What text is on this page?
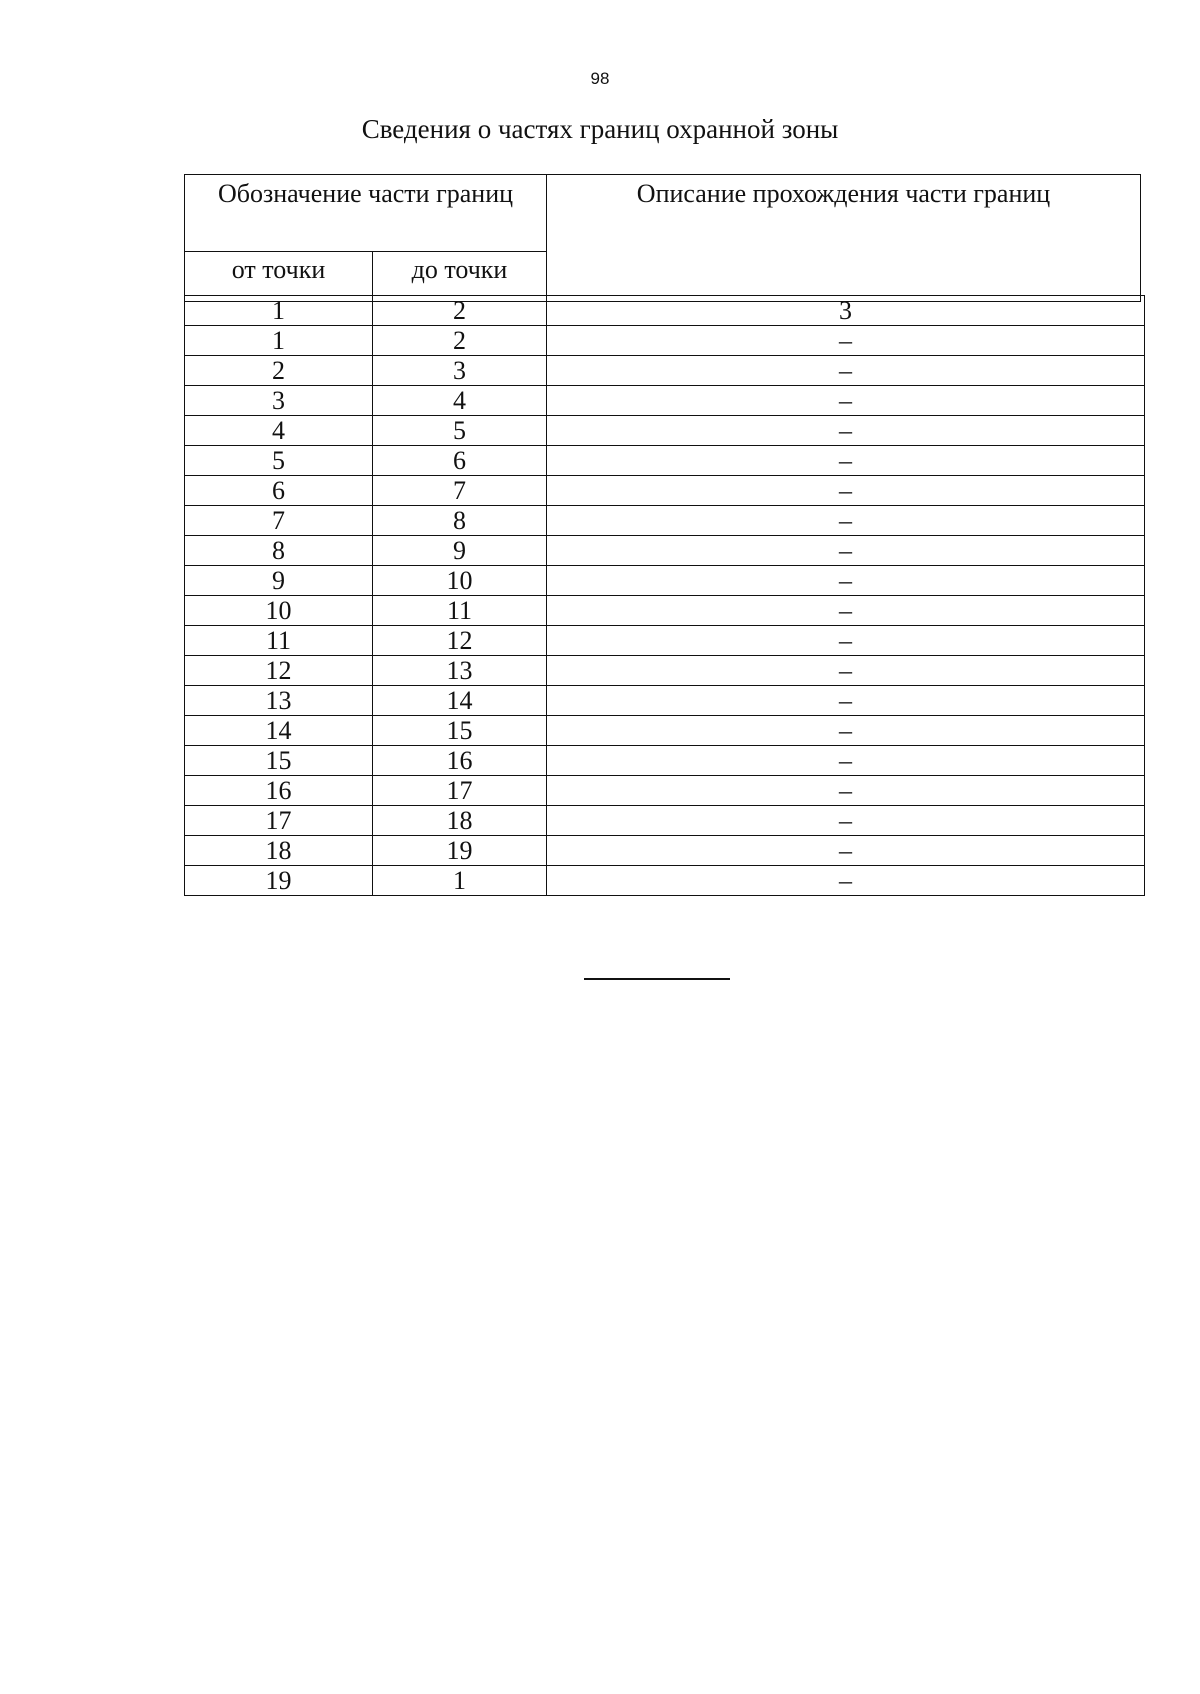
98
Сведения о частях границ охранной зоны
Обозначение части границ		Описание прохождения части границ
от точки	до точки	
1	2	3
1	2	–
2	3	–
3	4	–
4	5	–
5	6	–
6	7	–
7	8	–
8	9	–
9	10	–
10	11	–
11	12	–
12	13	–
13	14	–
14	15	–
15	16	–
16	17	–
17	18	–
18	19	–
19	1	–
